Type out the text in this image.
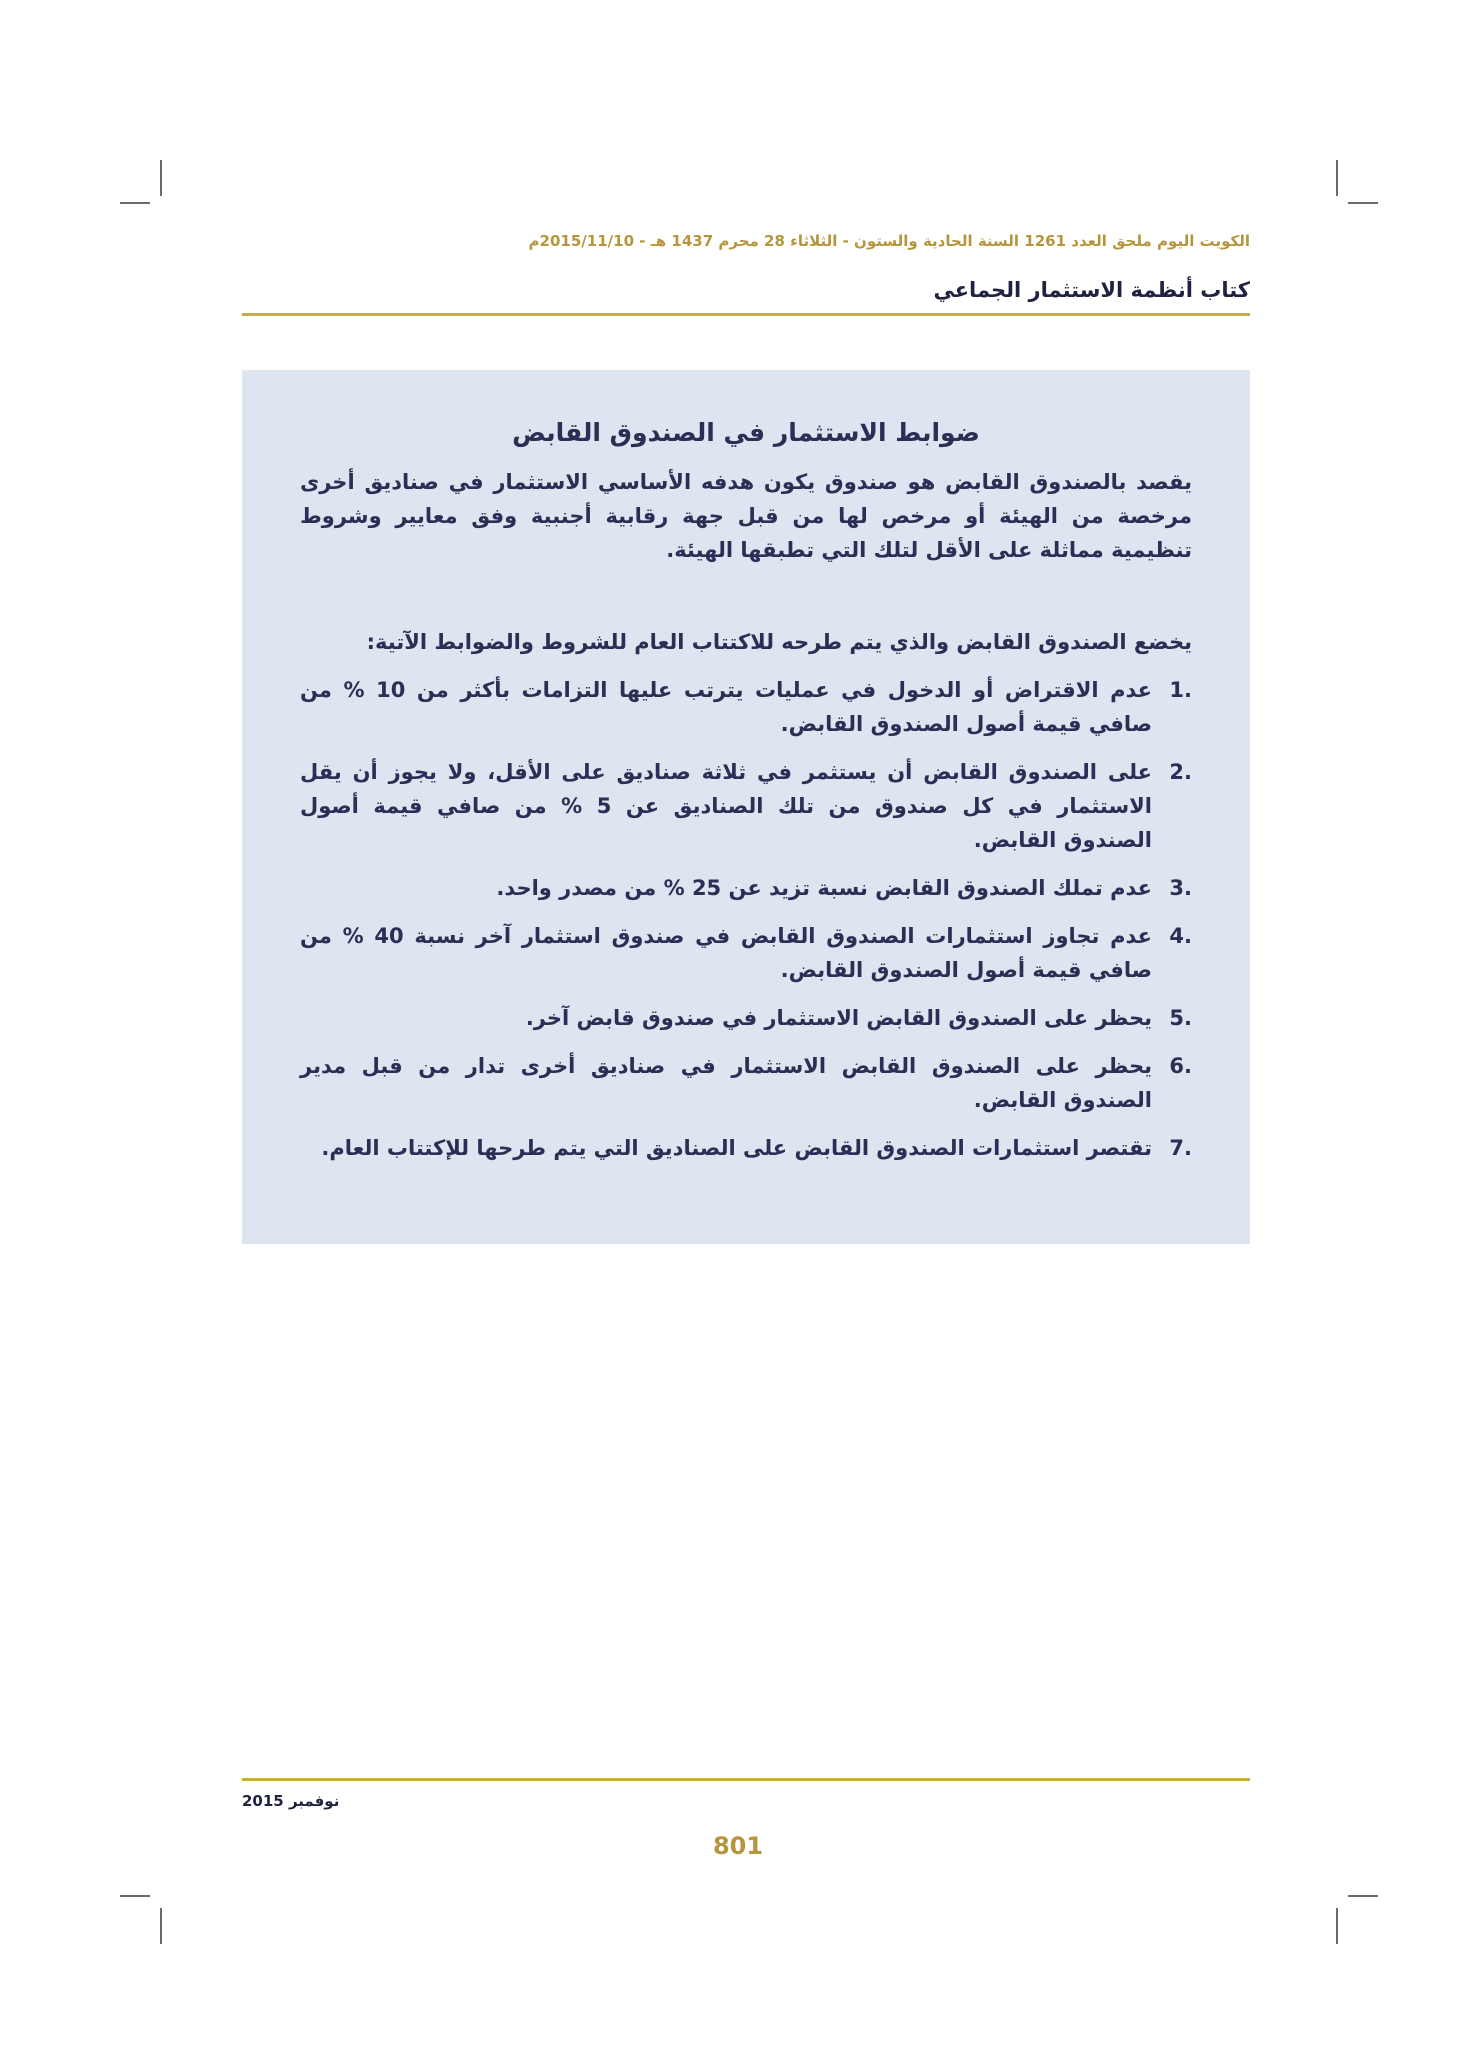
الكويت اليوم ملحق العدد 1261 السنة الحادية والستون - الثلاثاء 28 محرم 1437 هـ - 2015/11/10م
كتاب أنظمة الاستثمار الجماعي
ضوابط الاستثمار في الصندوق القابض

يقصد بالصندوق القابض هو صندوق يكون هدفه الأساسي الاستثمار في صناديق أخرى مرخصة من الهيئة أو مرخص لها من قبل جهة رقابية أجنبية وفق معايير وشروط تنظيمية مماثلة على الأقل لتلك التي تطبقها الهيئة.

يخضع الصندوق القابض والذي يتم طرحه للاكتتاب العام للشروط والضوابط الآتية:

1.
عدم الاقتراض أو الدخول في عمليات يترتب عليها التزامات بأكثر من 10 % من صافي قيمة أصول الصندوق القابض.
2.
على الصندوق القابض أن يستثمر في ثلاثة صناديق على الأقل، ولا يجوز أن يقل الاستثمار في كل صندوق من تلك الصناديق عن 5 % من صافي قيمة أصول الصندوق القابض.
3.
عدم تملك الصندوق القابض نسبة تزيد عن 25 % من مصدر واحد.
4.
عدم تجاوز استثمارات الصندوق القابض في صندوق استثمار آخر نسبة 40 % من صافي قيمة أصول الصندوق القابض.
5.
يحظر على الصندوق القابض الاستثمار في صندوق قابض آخر.
6.
يحظر على الصندوق القابض الاستثمار في صناديق أخرى تدار من قبل مدير الصندوق القابض.
7.
تقتصر استثمارات الصندوق القابض على الصناديق التي يتم طرحها للإكتتاب العام.
نوفمبر 2015
801
